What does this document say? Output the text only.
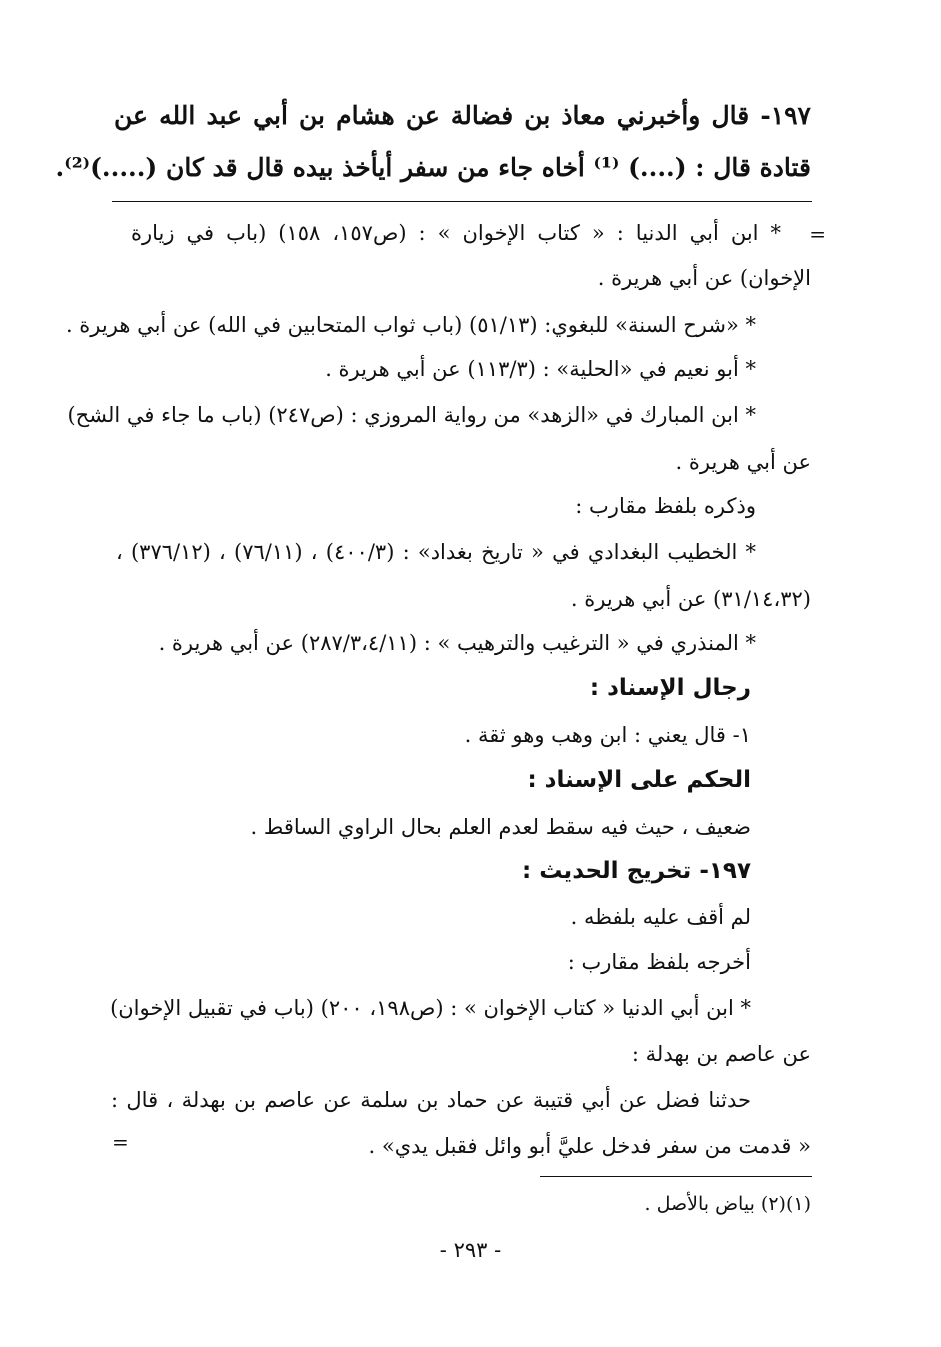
١٩٧- قال وأخبرني معاذ بن فضالة عن هشام بن أبي عبد الله عن
قتادة قال : (....) ⁽¹⁾ أخاه جاء من سفر أيأخذ بيده قال قد كان (.....)⁽²⁾.
=
* ابن أبي الدنيا : « كتاب الإخوان » : (ص١٥٧، ١٥٨) (باب في زيارة
الإخوان) عن أبي هريرة .
* «شرح السنة» للبغوي: (٥١/١٣) (باب ثواب المتحابين في الله) عن أبي هريرة .
* أبو نعيم في «الحلية» : (١١٣/٣) عن أبي هريرة .
* ابن المبارك في «الزهد» من رواية المروزي : (ص٢٤٧) (باب ما جاء في الشح)
عن أبي هريرة .
وذكره بلفظ مقارب :
* الخطيب البغدادي في « تاريخ بغداد» : (٤٠٠/٣) ، (٧٦/١١) ، (٣٧٦/١٢) ،
(٣١/١٤،٣٢) عن أبي هريرة .
* المنذري في « الترغيب والترهيب » : (٢٨٧/٣،٤/١١) عن أبي هريرة .
رجال الإسناد :
١- قال يعني : ابن وهب وهو ثقة .
الحكم على الإسناد :
ضعيف ، حيث فيه سقط لعدم العلم بحال الراوي الساقط .
١٩٧- تخريج الحديث :
لم أقف عليه بلفظه .
أخرجه بلفظ مقارب :
* ابن أبي الدنيا « كتاب الإخوان » : (ص١٩٨، ٢٠٠) (باب في تقبيل الإخوان)
عن عاصم بن بهدلة :
حدثنا فضل عن أبي قتيبة عن حماد بن سلمة عن عاصم بن بهدلة ، قال :
« قدمت من سفر فدخل عليَّ أبو وائل فقبل يدي» .
=
(١)(٢) بياض بالأصل .
- ٢٩٣ -
